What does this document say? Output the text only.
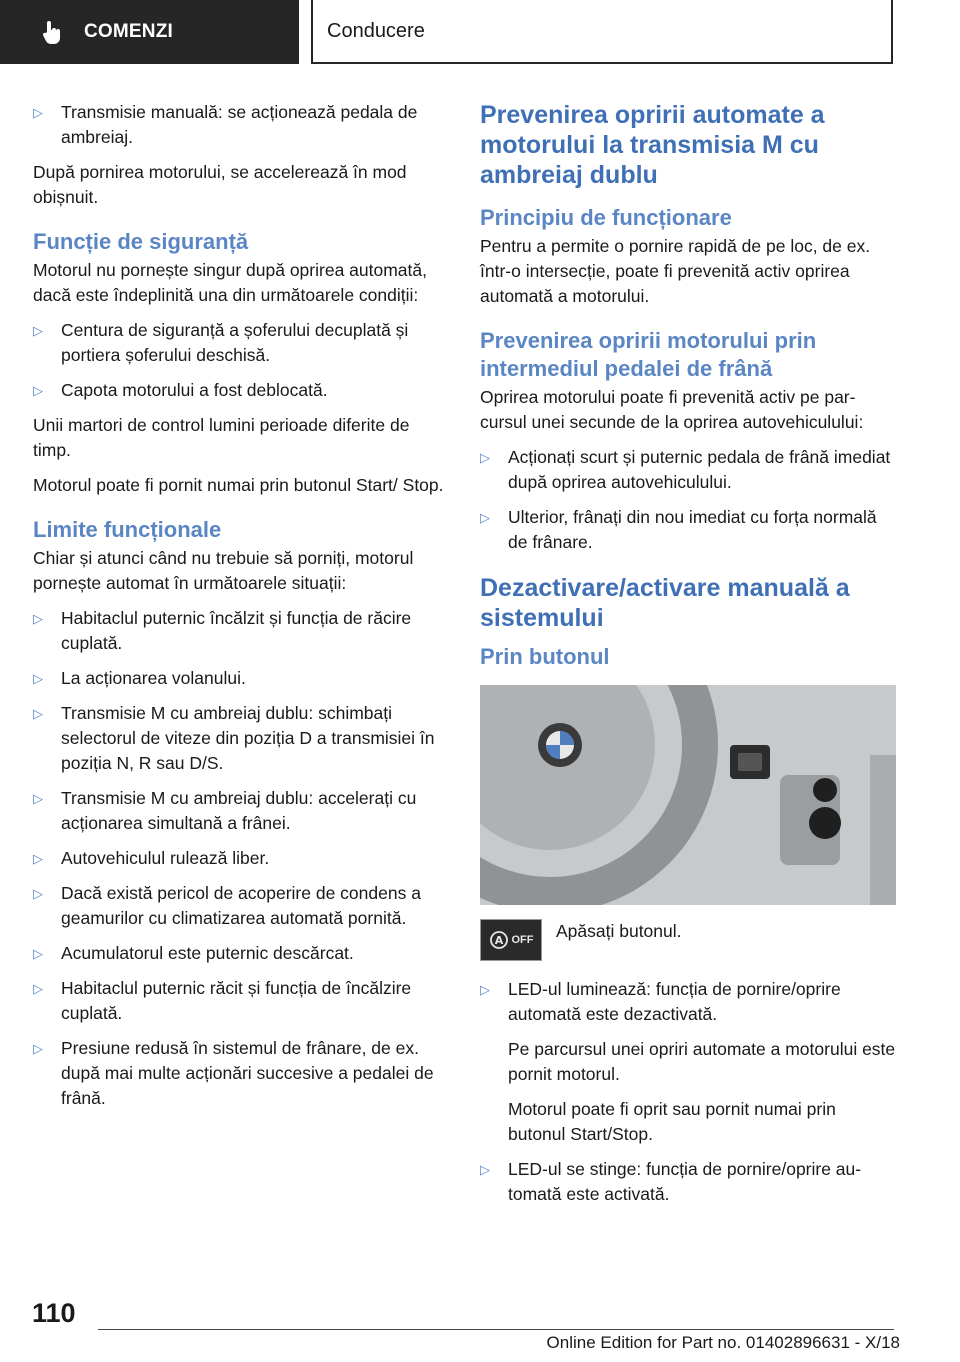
COMENZI	Conducere
▷	Transmisie manuală: se acționează pedala de ambreiaj.

După pornirea motorului, se accelerează în mod obișnuit.

Funcție de siguranță

Motorul nu pornește singur după oprirea automată, dacă este îndeplinită una din următoarele condiții:

▷	Centura de siguranță a șoferului decuplată și portiera șoferului deschisă.
▷	Capota motorului a fost deblocată.

Unii martori de control lumini perioade diferite de timp.

Motorul poate fi pornit numai prin butonul Start/ Stop.

Limite funcționale

Chiar și atunci când nu trebuie să porniți, motorul pornește automat în următoarele situații:

▷	Habitaclul puternic încălzit și funcția de răcire cuplată.
▷	La acționarea volanului.
▷	Transmisie M cu ambreiaj dublu: schimbați selectorul de viteze din poziția D a transmisiei în poziția N, R sau D/S.
▷	Transmisie M cu ambreiaj dublu: accelerați cu acționarea simultană a frânei.
▷	Autovehiculul rulează liber.
▷	Dacă există pericol de acoperire de condens a geamurilor cu climatizarea automată pornită.
▷	Acumulatorul este puternic descărcat.
▷	Habitaclul puternic răcit și funcția de încălzire cuplată.
▷	Presiune redusă în sistemul de frânare, de ex. după mai multe acționări succesive a pedalei de frână.
Prevenirea opririi automate a motorului la transmisia M cu ambreiaj dublu
Principiu de funcționare

Pentru a permite o pornire rapidă de pe loc, de ex. într-o intersecție, poate fi prevenită activ oprirea automată a motorului.

Prevenirea opririi motorului prin intermediul pedalei de frână

Oprirea motorului poate fi prevenită activ pe parcursul unei secunde de la oprirea autovehiculului:

▷	Acționați scurt și puternic pedala de frână imediat după oprirea autovehiculului.
▷	Ulterior, frânați din nou imediat cu forța normală de frânare.
Dezactivare/activare manuală a sistemului
Prin butonul
A OFF Apăsați butonul.
▷	LED-ul luminează: funcția de pornire/oprire automată este dezactivată.

Pe parcursul unei opriri automate a motorului este pornit motorul.

Motorul poate fi oprit sau pornit numai prin butonul Start/Stop.

▷	LED-ul se stinge: funcția de pornire/oprire automată este activată.
110
Online Edition for Part no. 01402896631 - X/18
